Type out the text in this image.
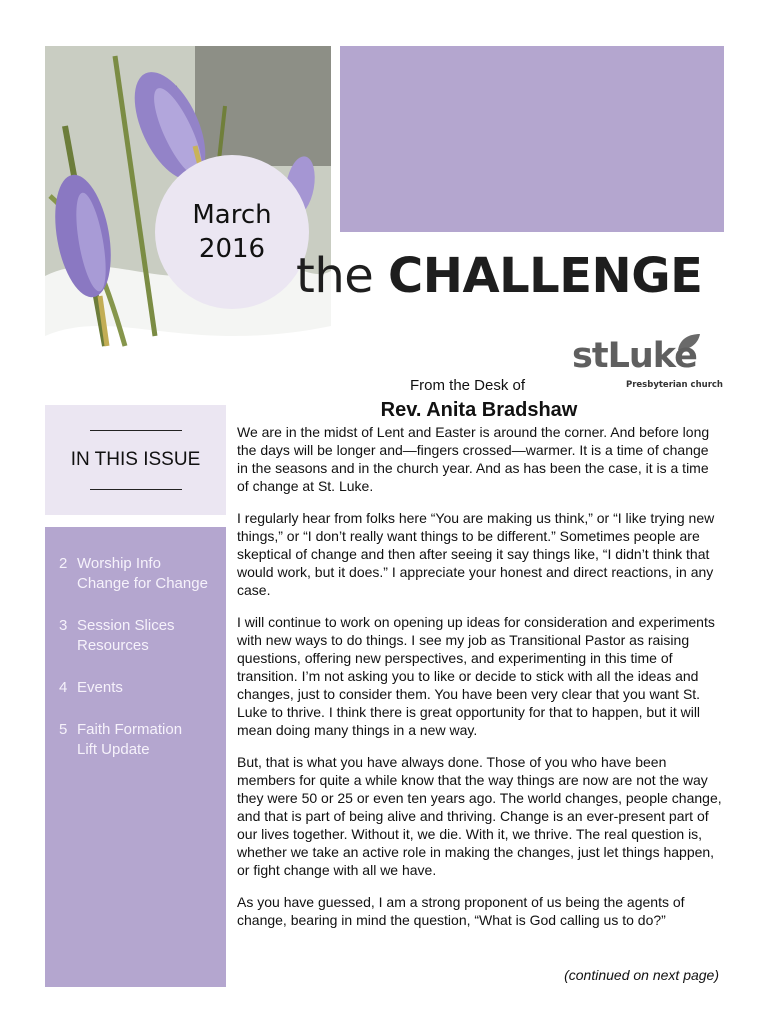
March
2016 the CHALLENGE
stLuke
Presbyterian church
From the Desk of
Rev. Anita Bradshaw
IN THIS ISSUE
2 Worship Info
Change for Change
3 Session Slices
Resources
4 Events
5 Faith Formation
Lift Update

We are in the midst of Lent and Easter is around the corner. And before long the days will be longer and—fingers crossed—warmer. It is a time of change in the seasons and in the church year. And as has been the case, it is a time of change at St. Luke.

I regularly hear from folks here “You are making us think,” or “I like trying new things,” or “I don’t really want things to be different.” Sometimes people are skeptical of change and then after seeing it say things like, “I didn’t think that would work, but it does.” I appreciate your honest and direct reactions, in any case.

I will continue to work on opening up ideas for consideration and experiments with new ways to do things. I see my job as Transitional Pastor as raising questions, offering new perspectives, and experimenting in this time of transition. I’m not asking you to like or decide to stick with all the ideas and changes, just to consider them. You have been very clear that you want St. Luke to thrive. I think there is great opportunity for that to happen, but it will mean doing many things in a new way.

But, that is what you have always done. Those of you who have been members for quite a while know that the way things are now are not the way they were 50 or 25 or even ten years ago. The world changes, people change, and that is part of being alive and thriving. Change is an ever-present part of our lives together. Without it, we die. With it, we thrive. The real question is, whether we take an active role in making the changes, just let things happen, or fight change with all we have.

As you have guessed, I am a strong proponent of us being the agents of change, bearing in mind the question, “What is God calling us to do?”

(continued on next page)
